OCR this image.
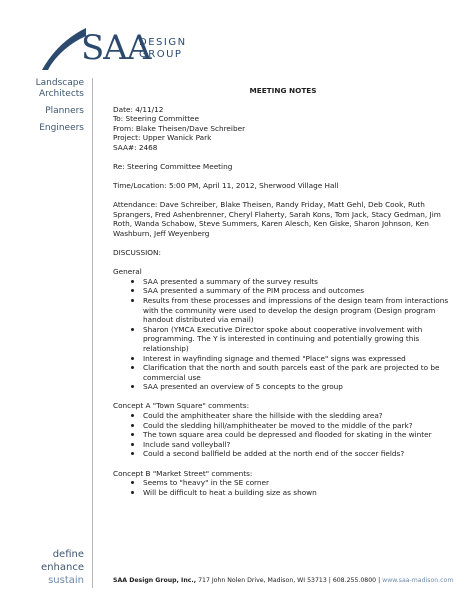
SAA
DESIGN
GROUP
Landscape Architects
Planners
Engineers
define
enhance
sustain

MEETING NOTES

Date: 4/11/12

To: Steering Committee

From: Blake Theisen/Dave Schreiber

Project: Upper Wanick Park

SAA#: 2468

Re: Steering Committee Meeting

Time/Location: 5:00 PM, April 11, 2012, Sherwood Village Hall

Attendance: Dave Schreiber, Blake Theisen, Randy Friday, Matt Gehl, Deb Cook, Ruth Sprangers, Fred Ashenbrenner, Cheryl Flaherty, Sarah Kons, Tom Jack, Stacy Gedman, Jim Roth, Wanda Schabow, Steve Summers, Karen Alesch, Ken Giske, Sharon Johnson, Ken Washburn, Jeff Weyenberg

DISCUSSION:

General

SAA presented a summary of the survey results
SAA presented a summary of the PIM process and outcomes
Results from these processes and impressions of the design team from interactions with the community were used to develop the design program (Design program handout distributed via email)
Sharon (YMCA Executive Director spoke about cooperative involvement with programming. The Y is interested in continuing and potentially growing this relationship)
Interest in wayfinding signage and themed "Place" signs was expressed
Clarification that the north and south parcels east of the park are projected to be commercial use
SAA presented an overview of 5 concepts to the group

Concept A "Town Square" comments:

Could the amphitheater share the hillside with the sledding area?
Could the sledding hill/amphitheater be moved to the middle of the park?
The town square area could be depressed and flooded for skating in the winter
Include sand volleyball?
Could a second ballfield be added at the north end of the soccer fields?

Concept B "Market Street" comments:

Seems to "heavy" in the SE corner
Will be difficult to heat a building size as shown
SAA Design Group, Inc., 717 John Nolen Drive, Madison, WI 53713 | 608.255.0800 | www.saa-madison.com
